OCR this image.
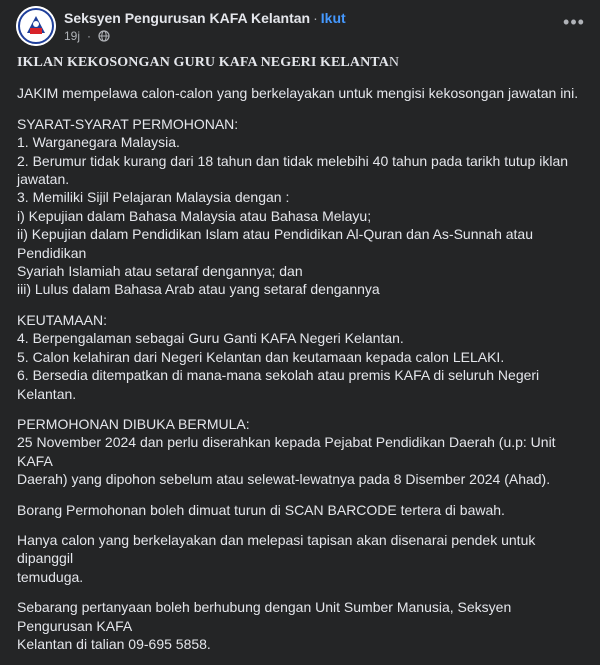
Seksyen Pengurusan KAFA Kelantan · Ikut
19j ·
•••
IKLAN KEKOSONGAN GURU KAFA NEGERI KELANTAN
JAKIM mempelawa calon-calon yang berkelayakan untuk mengisi kekosongan jawatan ini.
SYARAT-SYARAT PERMOHONAN:
1. Warganegara Malaysia.
2. Berumur tidak kurang dari 18 tahun dan tidak melebihi 40 tahun pada tarikh tutup iklan jawatan.
3. Memiliki Sijil Pelajaran Malaysia dengan :
i) Kepujian dalam Bahasa Malaysia atau Bahasa Melayu;
ii) Kepujian dalam Pendidikan Islam atau Pendidikan Al-Quran dan As-Sunnah atau Pendidikan
Syariah Islamiah atau setaraf dengannya; dan
iii) Lulus dalam Bahasa Arab atau yang setaraf dengannya
KEUTAMAAN:
4. Berpengalaman sebagai Guru Ganti KAFA Negeri Kelantan.
5. Calon kelahiran dari Negeri Kelantan dan keutamaan kepada calon LELAKI.
6. Bersedia ditempatkan di mana-mana sekolah atau premis KAFA di seluruh Negeri Kelantan.
PERMOHONAN DIBUKA BERMULA:
25 November 2024 dan perlu diserahkan kepada Pejabat Pendidikan Daerah (u.p: Unit KAFA
Daerah) yang dipohon sebelum atau selewat-lewatnya pada 8 Disember 2024 (Ahad).
Borang Permohonan boleh dimuat turun di SCAN BARCODE tertera di bawah.
Hanya calon yang berkelayakan dan melepasi tapisan akan disenarai pendek untuk dipanggil
temuduga.
Sebarang pertanyaan boleh berhubung dengan Unit Sumber Manusia, Seksyen Pengurusan KAFA
Kelantan di talian 09-695 5858.
